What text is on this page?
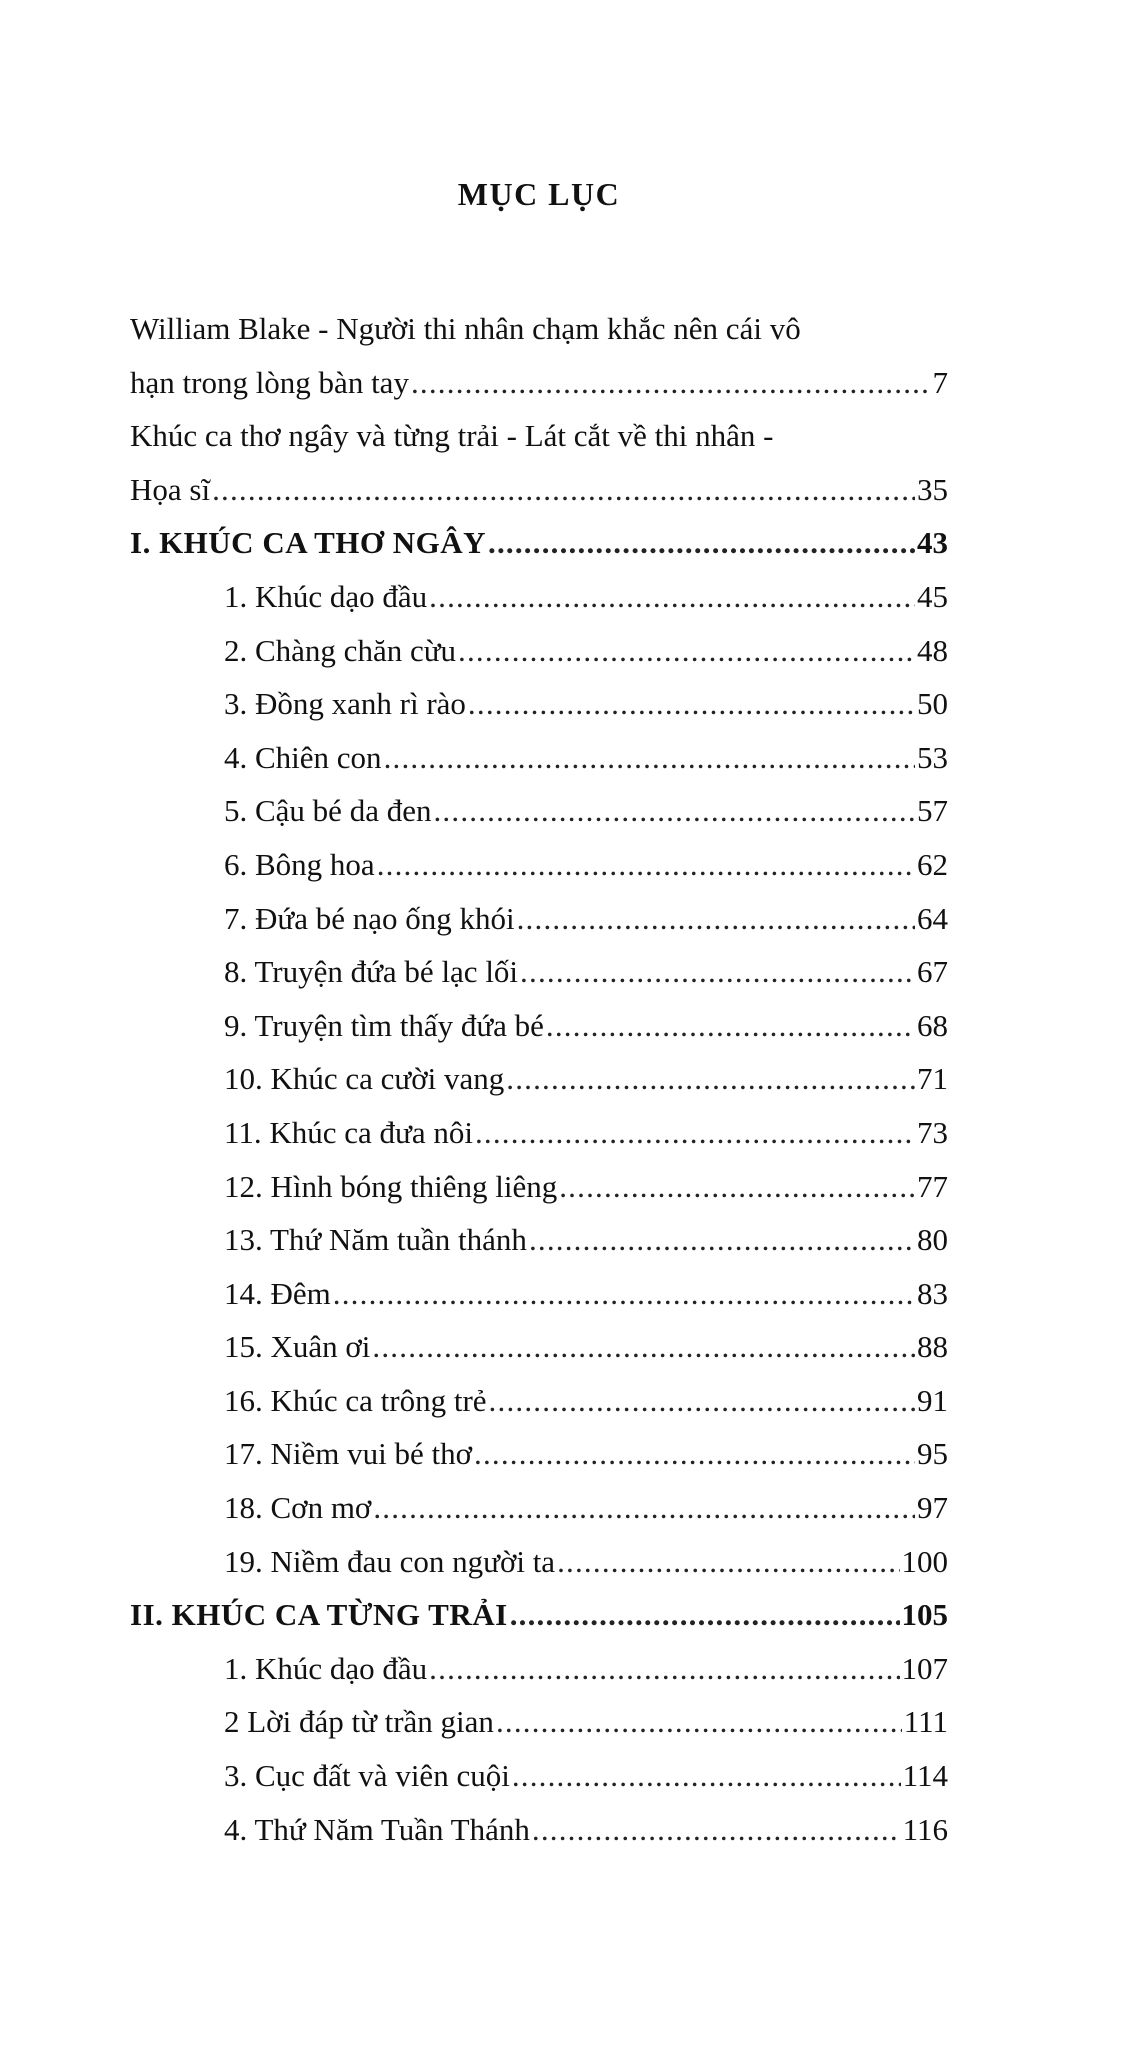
MỤC LỤC
William Blake - Người thi nhân chạm khắc nên cái vô
hạn trong lòng bàn tay .....	7
Khúc ca thơ ngây và từng trải - Lát cắt về thi nhân -
Họa sĩ .....	35
I. KHÚC CA THƠ NGÂY .....	43
1. Khúc dạo đầu .....	45
2. Chàng chăn cừu .....	48
3. Đồng xanh rì rào .....	50
4. Chiên con .....	53
5. Cậu bé da đen .....	57
6. Bông hoa .....	62
7. Đứa bé nạo ống khói .....	64
8. Truyện đứa bé lạc lối .....	67
9. Truyện tìm thấy đứa bé .....	68
10. Khúc ca cười vang .....	71
11. Khúc ca đưa nôi .....	73
12. Hình bóng thiêng liêng .....	77
13. Thứ Năm tuần thánh .....	80
14. Đêm .....	83
15. Xuân ơi .....	88
16. Khúc ca trông trẻ .....	91
17. Niềm vui bé thơ .....	95
18. Cơn mơ .....	97
19. Niềm đau con người ta .....	100
II. KHÚC CA TỪNG TRẢI .....	105
1. Khúc dạo đầu .....	107
2 Lời đáp từ trần gian .....	111
3. Cục đất và viên cuội .....	114
4. Thứ Năm Tuần Thánh .....	116
